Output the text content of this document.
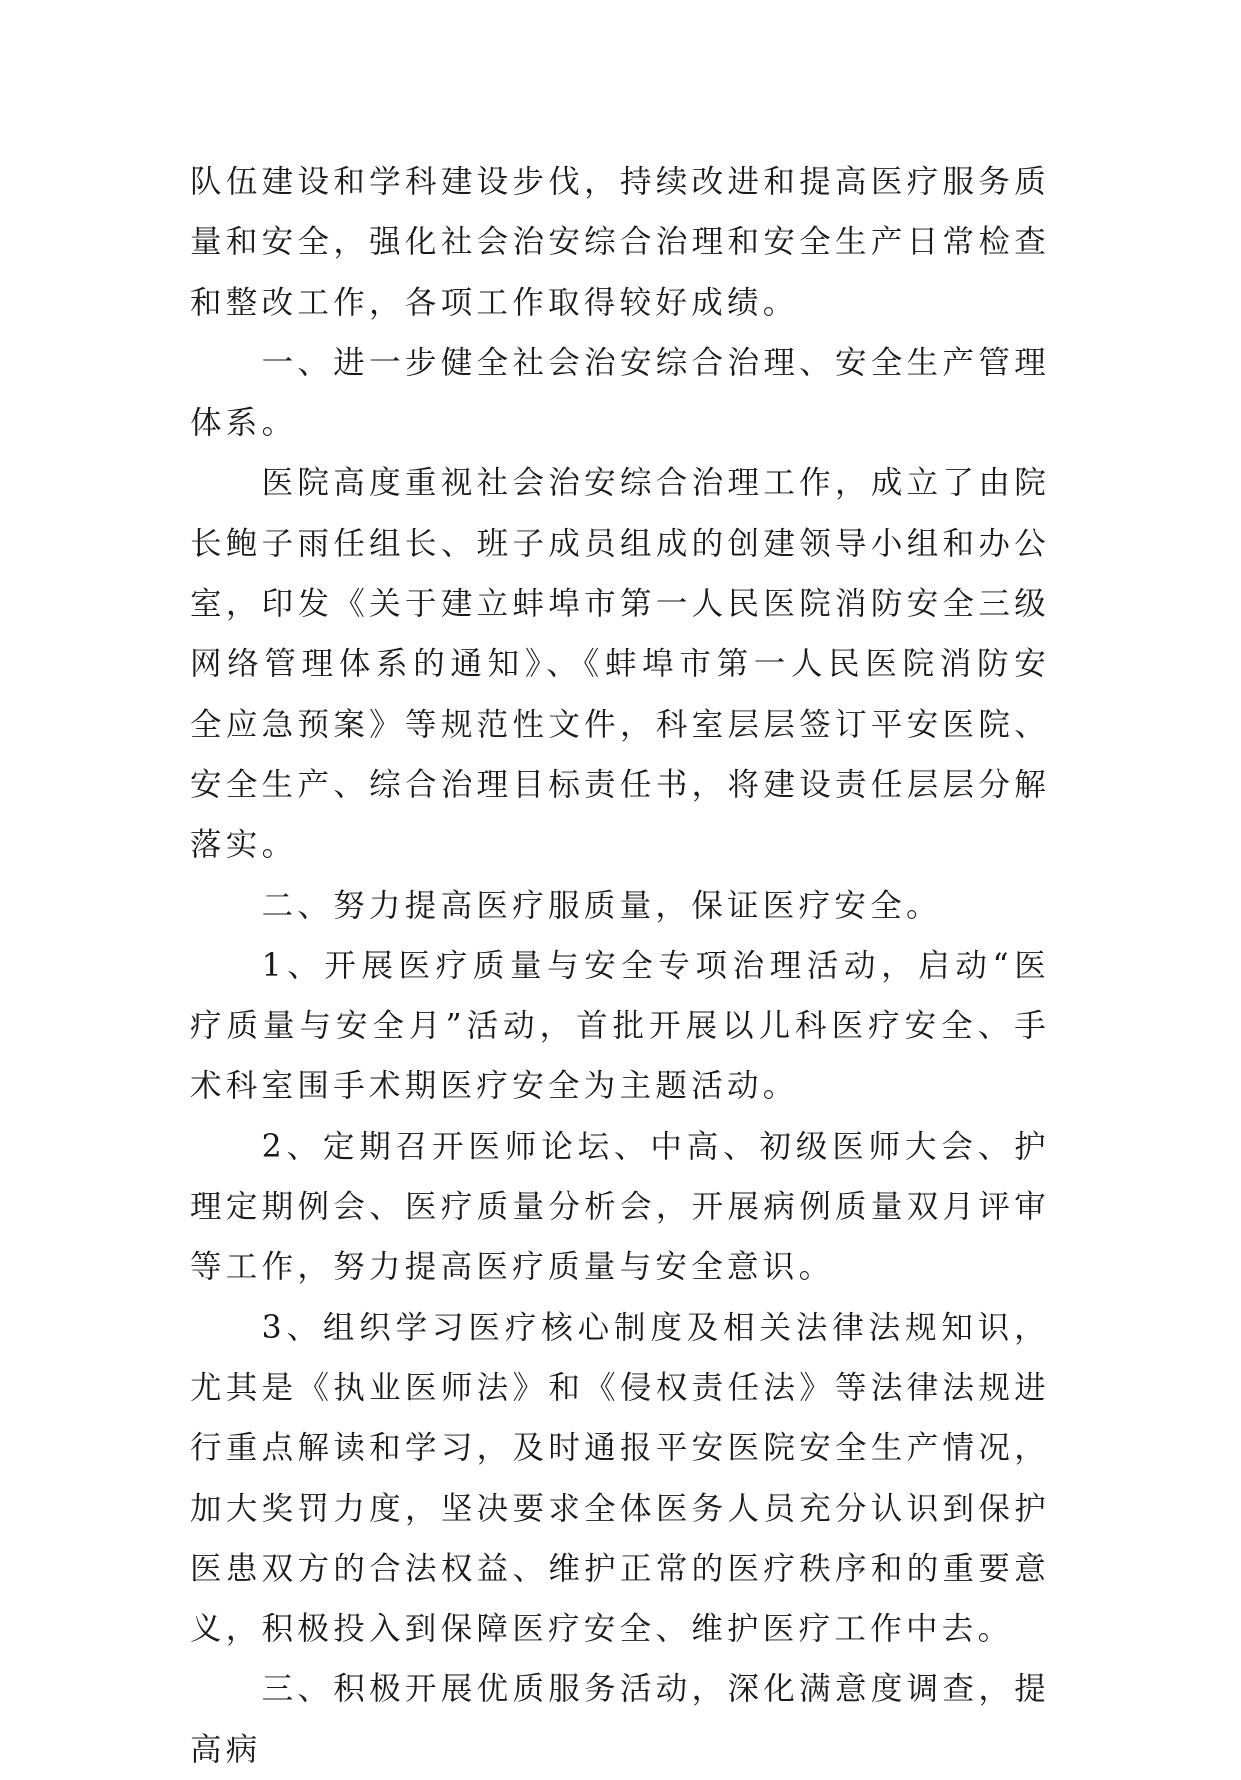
队伍建设和学科建设步伐，持续改进和提高医疗服务质量和安全，强化社会治安综合治理和安全生产日常检查和整改工作，各项工作取得较好成绩。

一、进一步健全社会治安综合治理、安全生产管理体系。

医院高度重视社会治安综合治理工作，成立了由院长鲍子雨任组长、班子成员组成的创建领导小组和办公室，印发《关于建立蚌埠市第一人民医院消防安全三级网络管理体系的通知》、《蚌埠市第一人民医院消防安全应急预案》等规范性文件，科室层层签订平安医院、安全生产、综合治理目标责任书，将建设责任层层分解落实。

二、努力提高医疗服质量，保证医疗安全。

1、开展医疗质量与安全专项治理活动，启动“医疗质量与安全月”活动，首批开展以儿科医疗安全、手术科室围手术期医疗安全为主题活动。

2、定期召开医师论坛、中高、初级医师大会、护理定期例会、医疗质量分析会，开展病例质量双月评审等工作，努力提高医疗质量与安全意识。

3、组织学习医疗核心制度及相关法律法规知识，尤其是《执业医师法》和《侵权责任法》等法律法规进行重点解读和学习，及时通报平安医院安全生产情况，加大奖罚力度，坚决要求全体医务人员充分认识到保护医患双方的合法权益、维护正常的医疗秩序和的重要意义，积极投入到保障医疗安全、维护医疗工作中去。

三、积极开展优质服务活动，深化满意度调查，提高病
